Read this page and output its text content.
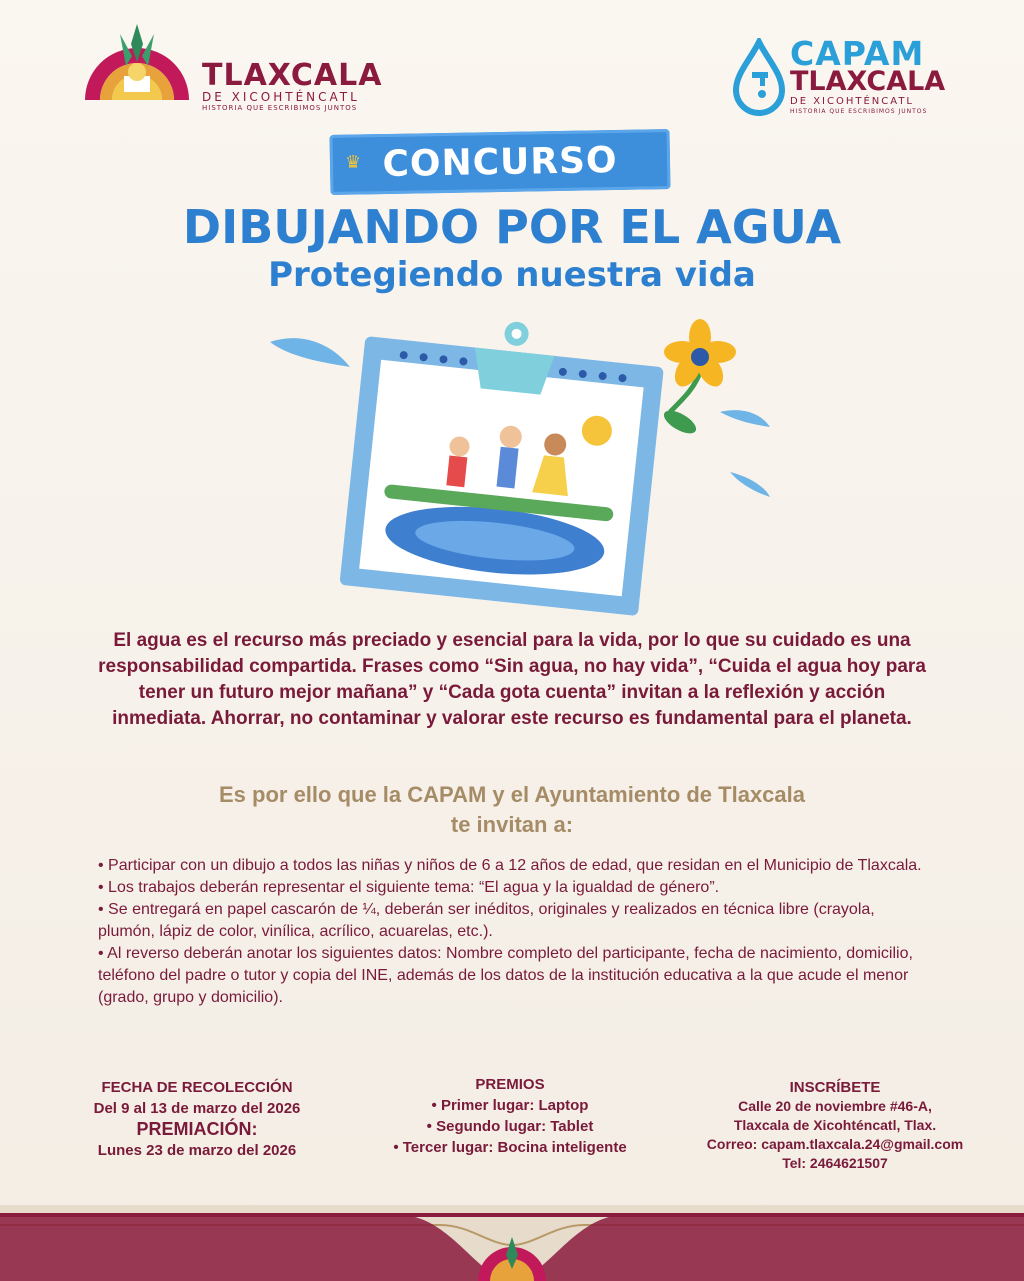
TLAXCALA
DE XICOHTÉNCATL
HISTORIA QUE ESCRIBIMOS JUNTOS
CAPAM
TLAXCALA
DE XICOHTÉNCATL
HISTORIA QUE ESCRIBIMOS JUNTOS
CONCURSO
♛
DIBUJANDO POR EL AGUA
Protegiendo nuestra vida
El agua es el recurso más preciado y esencial para la vida, por lo que su cuidado es una responsabilidad compartida. Frases como “Sin agua, no hay vida”, “Cuida el agua hoy para tener un futuro mejor mañana” y “Cada gota cuenta” invitan a la reflexión y acción inmediata. Ahorrar, no contaminar y valorar este recurso es fundamental para el planeta.
Es por ello que la CAPAM y el Ayuntamiento de Tlaxcala
te invitan a:

• Participar con un dibujo a todos las niñas y niños de 6 a 12 años de edad, que residan en el Municipio de Tlaxcala.

• Los trabajos deberán representar el siguiente tema: “El agua y la igualdad de género”.

• Se entregará en papel cascarón de ¼, deberán ser inéditos, originales y realizados en técnica libre (crayola, plumón, lápiz de color, vinílica, acrílico, acuarelas, etc.).

• Al reverso deberán anotar los siguientes datos: Nombre completo del participante, fecha de nacimiento, domicilio, teléfono del padre o tutor y copia del INE, además de los datos de la institución educativa a la que acude el menor (grado, grupo y domicilio).

FECHA DE RECOLECCIÓN
Del 9 al 13 de marzo del 2026
PREMIACIÓN:
Lunes 23 de marzo del 2026
PREMIOS
• Primer lugar: Laptop
• Segundo lugar: Tablet
• Tercer lugar: Bocina inteligente
INSCRÍBETE
Calle 20 de noviembre #46-A,
Tlaxcala de Xicohténcatl, Tlax.
Correo: capam.tlaxcala.24@gmail.com
Tel: 2464621507
